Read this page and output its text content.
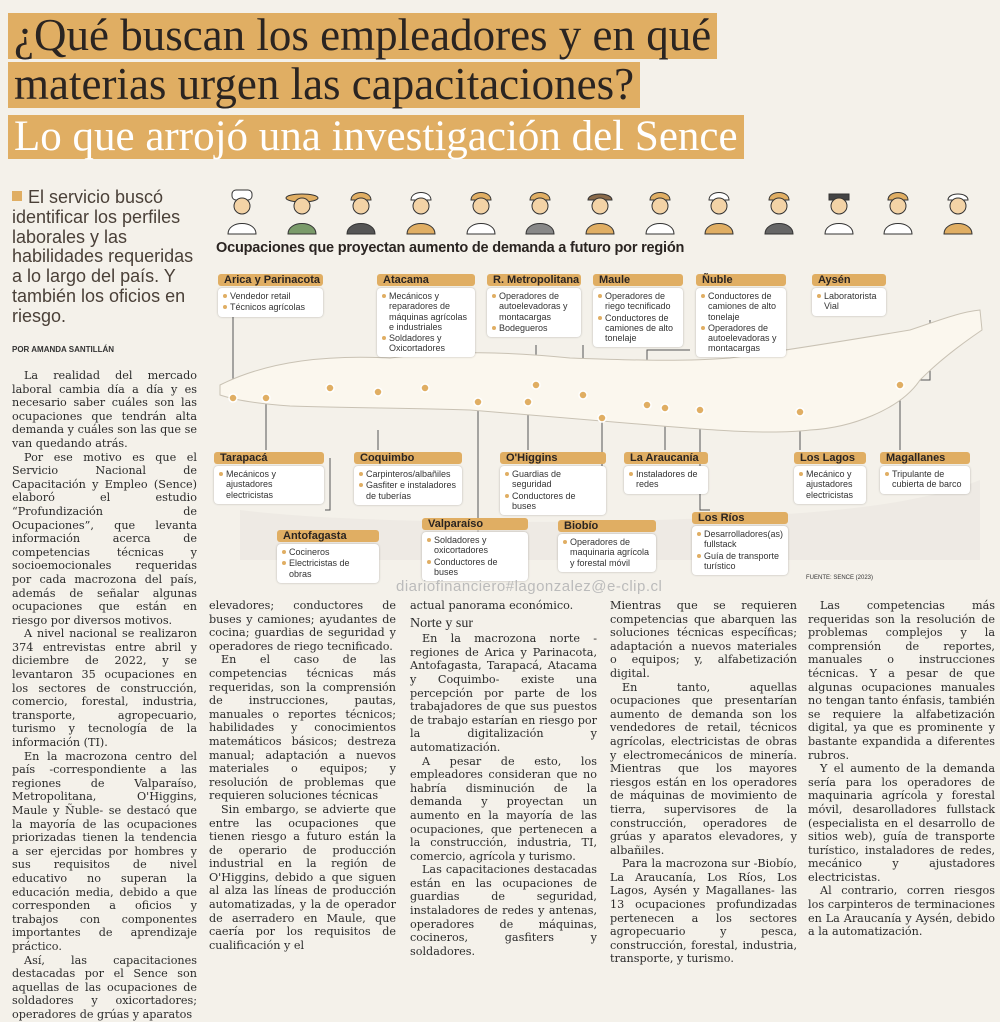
¿Qué buscan los empleadores y en qué
materias urgen las capacitaciones?
Lo que arrojó una investigación del Sence
El servicio buscó identificar los perfiles laborales y las habilidades requeridas a lo largo del país. Y también los oficios en riesgo.
POR AMANDA SANTILLÁN
Ocupaciones que proyectan aumento de demanda a futuro por región
Arica y Parinacota
Vendedor retail
Técnicos agrícolas
Atacama
Mecánicos y reparadores de máquinas agrícolas e industriales
Soldadores y Oxicortadores
R. Metropolitana
Operadores de autoelevadoras y montacargas
Bodegueros
Maule
Operadores de riego tecnificado
Conductores de camiones de alto tonelaje
Ñuble
Conductores de camiones de alto tonelaje
Operadores de autoelevadoras y montacargas
Aysén
Laboratorista Vial
Tarapacá
Mecánicos y ajustadores electricistas
Coquimbo
Carpinteros/albañiles
Gasfiter e instaladores de tuberías
O'Higgins
Guardias de seguridad
Conductores de buses
La Araucanía
Instaladores de redes
Los Lagos
Mecánico y ajustadores electricistas
Magallanes
Tripulante de cubierta de barco
Antofagasta
Cocineros
Electricistas de obras
Valparaíso
Soldadores y oxicortadores
Conductores de buses
Biobío
Operadores de maquinaria agrícola y forestal móvil
Los Ríos
Desarrolladores(as) fullstack
Guía de transporte turístico
FUENTE: SENCE (2023)
diariofinanciero#lagonzalez@e-clip.cl

La realidad del mercado laboral cambia día a día y es necesario saber cuáles son las ocupaciones que tendrán alta demanda y cuáles son las que se van quedando atrás.

Por ese motivo es que el Servicio Nacional de Capacitación y Empleo (Sence) elaboró el estudio “Profundización de Ocupaciones”, que levanta información acerca de competencias técnicas y socioemocionales requeridas por cada macrozona del país, además de señalar algunas ocupaciones que están en riesgo por diversos motivos.

A nivel nacional se realizaron 374 entrevistas entre abril y diciembre de 2022, y se levantaron 35 ocupaciones en los sectores de construcción, comercio, forestal, industria, transporte, agropecuario, turismo y tecnología de la información (TI).

En la macrozona centro del país -correspondiente a las regiones de Valparaíso, Metropolitana, O'Higgins, Maule y Ñuble- se destacó que la mayoría de las ocupaciones priorizadas tienen la tendencia a ser ejercidas por hombres y sus requisitos de nivel educativo no superan la educación media, debido a que corresponden a oficios y trabajos con componentes importantes de aprendizaje práctico.

Así, las capacitaciones destacadas por el Sence son aquellas de las ocupaciones de soldadores y oxicortadores; operadores de grúas y aparatos

elevadores; conductores de buses y camiones; ayudantes de cocina; guardias de seguridad y operadores de riego tecnificado.

En el caso de las competencias técnicas más requeridas, son la comprensión de instrucciones, pautas, manuales o reportes técnicos; habilidades y conocimientos matemáticos básicos; destreza manual; adaptación a nuevos materiales o equipos; y resolución de problemas que requieren soluciones técnicas

Sin embargo, se advierte que entre las ocupaciones que tienen riesgo a futuro están la de operario de producción industrial en la región de O'Higgins, debido a que siguen al alza las líneas de producción automatizadas, y la de operador de aserradero en Maule, que caería por los requisitos de cualificación y el

actual panorama económico.
Norte y sur

En la macrozona norte -regiones de Arica y Parinacota, Antofagasta, Tarapacá, Atacama y Coquimbo- existe una percepción por parte de los trabajadores de que sus puestos de trabajo estarían en riesgo por la digitalización y automatización.

A pesar de esto, los empleadores consideran que no habría disminución de la demanda y proyectan un aumento en la mayoría de las ocupaciones, que pertenecen a la construcción, industria, TI, comercio, agrícola y turismo.

Las capacitaciones destacadas están en las ocupaciones de guardias de seguridad, instaladores de redes y antenas, operadores de máquinas, cocineros, gasfiters y soldadores.

Mientras que se requieren competencias que abarquen las soluciones técnicas específicas; adaptación a nuevos materiales o equipos; y, alfabetización digital.

En tanto, aquellas ocupaciones que presentarían aumento de demanda son los vendedores de retail, técnicos agrícolas, electricistas de obras y electromecánicos de minería. Mientras que los mayores riesgos están en los operadores de máquinas de movimiento de tierra, supervisores de la construcción, operadores de grúas y aparatos elevadores, y albañiles.

Para la macrozona sur -Biobío, La Araucanía, Los Ríos, Los Lagos, Aysén y Magallanes- las 13 ocupaciones profundizadas pertenecen a los sectores agropecuario y pesca, construcción, forestal, industria, transporte, y turismo.

Las competencias más requeridas son la resolución de problemas complejos y la comprensión de reportes, manuales o instrucciones técnicas. Y a pesar de que algunas ocupaciones manuales no tengan tanto énfasis, también se requiere la alfabetización digital, ya que es prominente y bastante expandida a diferentes rubros.

Y el aumento de la demanda sería para los operadores de maquinaria agrícola y forestal móvil, desarolladores fullstack (especialista en el desarrollo de sitios web), guía de transporte turístico, instaladores de redes, mecánico y ajustadores electricistas.

Al contrario, corren riesgos los carpinteros de terminaciones en La Araucanía y Aysén, debido a la automatización.
